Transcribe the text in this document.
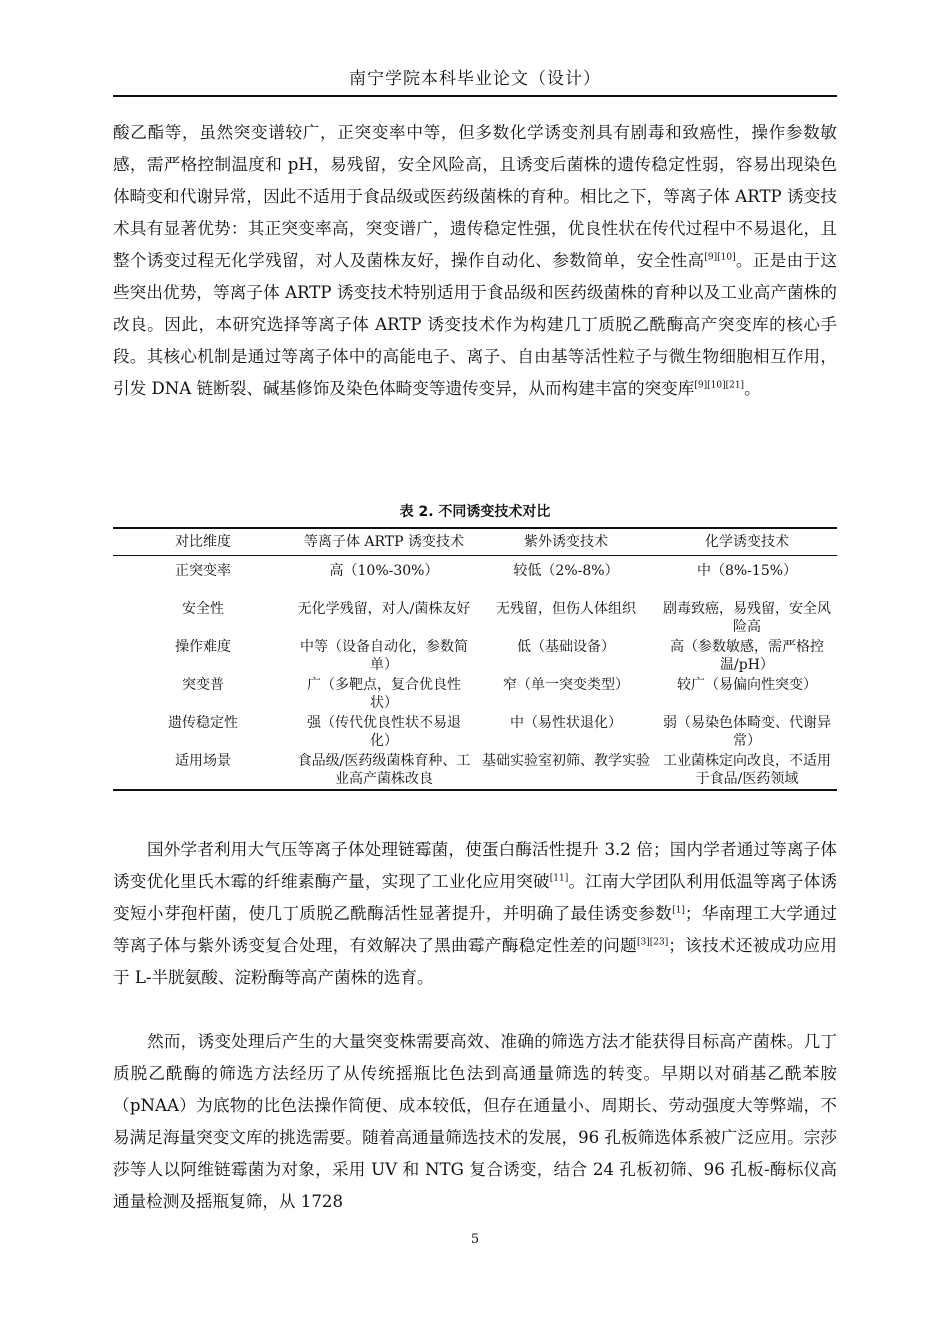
南宁学院本科毕业论文（设计）

酸乙酯等，虽然突变谱较广，正突变率中等，但多数化学诱变剂具有剧毒和致癌性，操作参数敏感，需严格控制温度和 pH，易残留，安全风险高，且诱变后菌株的遗传稳定性弱，容易出现染色体畸变和代谢异常，因此不适用于食品级或医药级菌株的育种。相比之下，等离子体 ARTP 诱变技术具有显著优势：其正突变率高，突变谱广，遗传稳定性强，优良性状在传代过程中不易退化，且整个诱变过程无化学残留，对人及菌株友好，操作自动化、参数简单，安全性高[9][10]。正是由于这些突出优势，等离子体 ARTP 诱变技术特别适用于食品级和医药级菌株的育种以及工业高产菌株的改良。因此，本研究选择等离子体 ARTP 诱变技术作为构建几丁质脱乙酰酶高产突变库的核心手段。其核心机制是通过等离子体中的高能电子、离子、自由基等活性粒子与微生物细胞相互作用，引发 DNA 链断裂、碱基修饰及染色体畸变等遗传变异，从而构建丰富的突变库[9][10][21]。

表 2. 不同诱变技术对比
对比维度	等离子体 ARTP 诱变技术	紫外诱变技术	化学诱变技术
正突变率	高（10%-30%）	较低（2%-8%）	中（8%-15%）
安全性	无化学残留，对人/菌株友好	无残留，但伤人体组织	剧毒致癌，易残留，安全风险高
操作难度	中等（设备自动化，参数简单）	低（基础设备）	高（参数敏感，需严格控温/pH）
突变普	广（多靶点，复合优良性状）	窄（单一突变类型）	较广（易偏向性突变）
遗传稳定性	强（传代优良性状不易退化）	中（易性状退化）	弱（易染色体畸变、代谢异常）
适用场景	食品级/医药级菌株育种、工业高产菌株改良	基础实验室初筛、教学实验	工业菌株定向改良，不适用于食品/医药领域

国外学者利用大气压等离子体处理链霉菌，使蛋白酶活性提升 3.2 倍；国内学者通过等离子体诱变优化里氏木霉的纤维素酶产量，实现了工业化应用突破[11]。江南大学团队利用低温等离子体诱变短小芽孢杆菌，使几丁质脱乙酰酶活性显著提升，并明确了最佳诱变参数[1]；华南理工大学通过等离子体与紫外诱变复合处理，有效解决了黑曲霉产酶稳定性差的问题[3][23]；该技术还被成功应用于 L-半胱氨酸、淀粉酶等高产菌株的选育。

然而，诱变处理后产生的大量突变株需要高效、准确的筛选方法才能获得目标高产菌株。几丁质脱乙酰酶的筛选方法经历了从传统摇瓶比色法到高通量筛选的转变。早期以对硝基乙酰苯胺（pNAA）为底物的比色法操作简便、成本较低，但存在通量小、周期长、劳动强度大等弊端，不易满足海量突变文库的挑选需要。随着高通量筛选技术的发展，96 孔板筛选体系被广泛应用。宗莎莎等人以阿维链霉菌为对象，采用 UV 和 NTG 复合诱变，结合 24 孔板初筛、96 孔板-酶标仪高通量检测及摇瓶复筛，从 1728

5
